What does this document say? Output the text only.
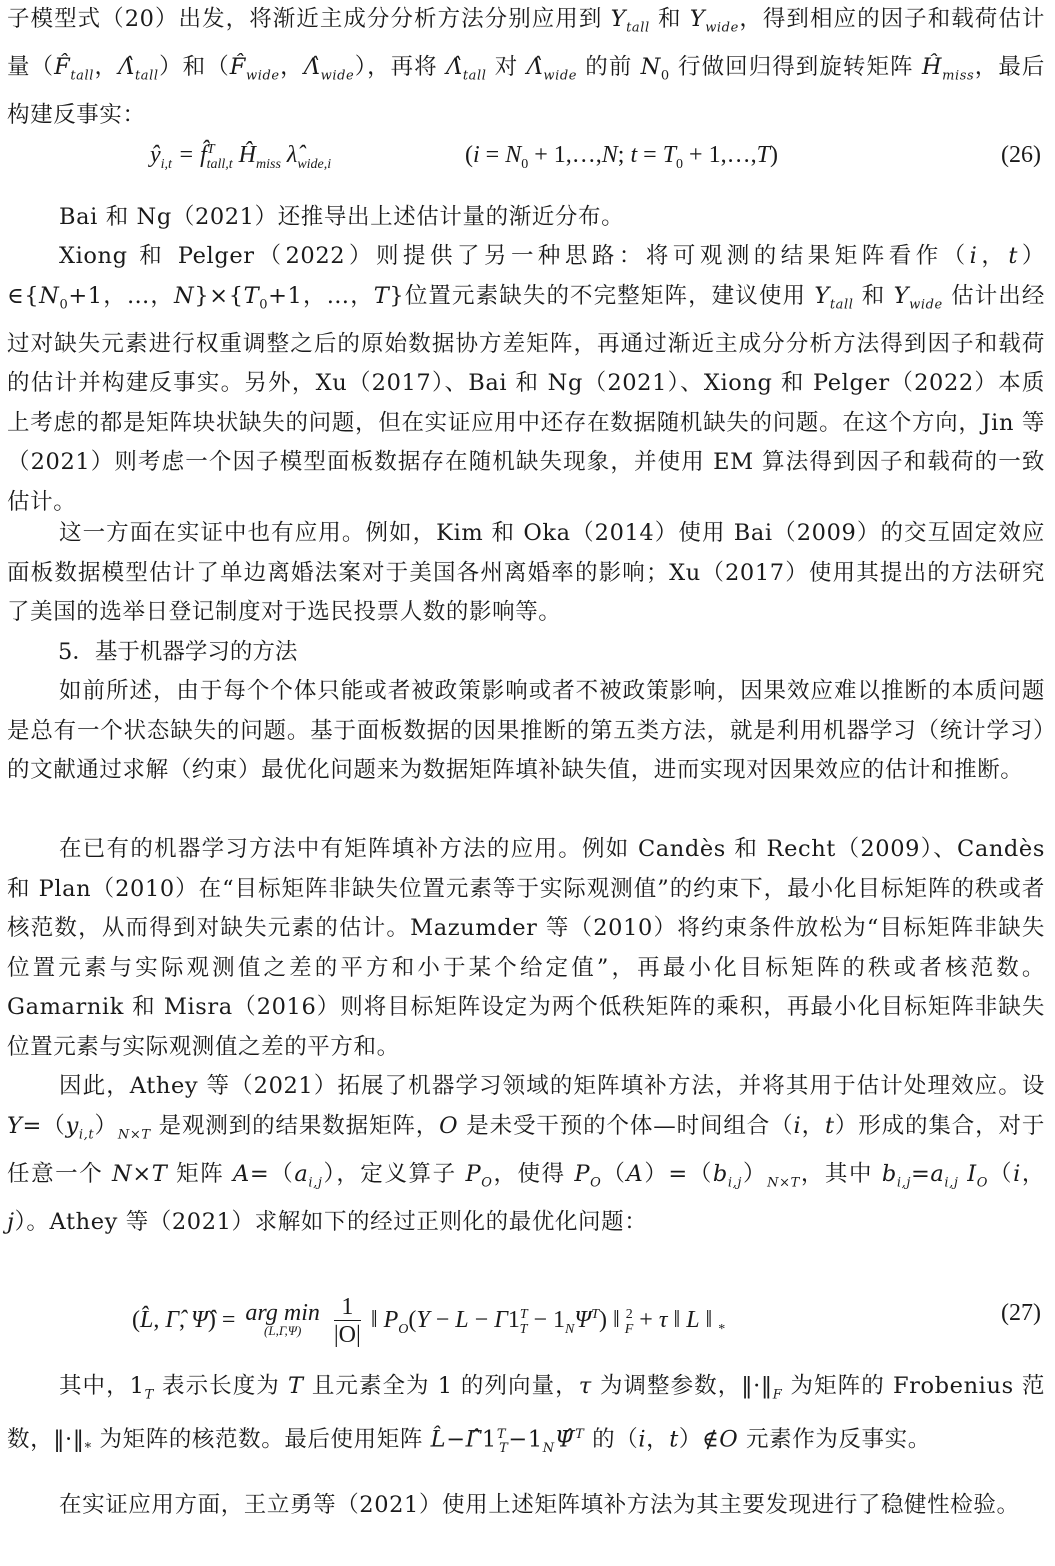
子模型式（20）出发，将渐近主成分分析方法分别应用到 $Y_{tall}$ 和 $Y_{wide}$，得到相应的因子和载荷估计量（$F̂_{tall}$，$\Lambdâ_{tall}$）和（$F̂_{wide}$，$\Lambdâ_{wide}$），再将 $\Lambdâ_{tall}$ 对 $\Lambdâ_{wide}$ 的前 $N_0$ 行做回归得到旋转矩阵 $Ĥ_{miss}$，最后构建反事实：

$ŷ_{i,t}$ = f̂$^T_{tall,t}$ $Ĥ_{miss}$ $\lambdâ_{wide,i}$	($i = N_0$ + 1,…,N; $t = T_0$ + 1,…,T)	(26)

Bai 和 Ng（2021）还推导出上述估计量的渐近分布。

Xiong 和 Pelger（2022）则提供了另一种思路：将可观测的结果矩阵看作（i，$t)\in\{N_0+1$，…，$N\}\times\{T_0+1$，…，T}位置元素缺失的不完整矩阵，建议使用 $Y_{tall}$ 和 $Y_{wide}$ 估计出经过对缺失元素进行权重调整之后的原始数据协方差矩阵，再通过渐近主成分分析方法得到因子和载荷的估计并构建反事实。另外，Xu（2017）、Bai 和 Ng（2021）、Xiong 和 Pelger（2022）本质上考虑的都是矩阵块状缺失的问题，但在实证应用中还存在数据随机缺失的问题。在这个方向，Jin 等（2021）则考虑一个因子模型面板数据存在随机缺失现象，并使用 EM 算法得到因子和载荷的一致估计。

这一方面在实证中也有应用。例如，Kim 和 Oka（2014）使用 Bai（2009）的交互固定效应面板数据模型估计了单边离婚法案对于美国各州离婚率的影响；Xu（2017）使用其提出的方法研究了美国的选举日登记制度对于选民投票人数的影响等。

5．基于机器学习的方法

如前所述，由于每个个体只能或者被政策影响或者不被政策影响，因果效应难以推断的本质问题是总有一个状态缺失的问题。基于面板数据的因果推断的第五类方法，就是利用机器学习（统计学习）的文献通过求解（约束）最优化问题来为数据矩阵填补缺失值，进而实现对因果效应的估计和推断。

在已有的机器学习方法中有矩阵填补方法的应用。例如 Candès 和 Recht（2009）、Candès 和 Plan（2010）在“目标矩阵非缺失位置元素等于实际观测值”的约束下，最小化目标矩阵的秩或者核范数，从而得到对缺失元素的估计。Mazumder 等（2010）将约束条件放松为“目标矩阵非缺失位置元素与实际观测值之差的平方和小于某个给定值”，再最小化目标矩阵的秩或者核范数。Gamarnik 和 Misra（2016）则将目标矩阵设定为两个低秩矩阵的乘积，再最小化目标矩阵非缺失位置元素与实际观测值之差的平方和。

因此，Athey 等（2021）拓展了机器学习领域的矩阵填补方法，并将其用于估计处理效应。设 $Y=(y_{i,t})_{N\times T}$ 是观测到的结果数据矩阵，O 是未受干预的个体—时间组合（i，t）形成的集合，对于任意一个 N×T 矩阵 $A=(a_{i,j})$，定义算子 $P_O$，使得 $P_O(A)=(b_{i,j})_{N\times T}$，其中 $b_{i,j}=a_{i,j}$ $I_O(i$，j）。Athey 等（2021）求解如下的经过正则化的最优化问题：

(L̂, Γ̂, Ψ̂) = arg min
(L,Γ,Ψ)
	$\frac{1}{|O|}$ ‖ $P_O(Y - L - \Gamma 1^T_T - 1_N\Psi^T)$ ‖ $^2_F$ + τ ‖ L ‖ $_*$
(27)

其中，$1_T$ 表示长度为 T 且元素全为 1 的列向量，τ 为调整参数，$‖\cdot‖_F$ 为矩阵的 Frobenius 范数，$‖\cdot‖_*$ 为矩阵的核范数。最后使用矩阵 $L̂-\Gammâ1^T_T-1_N\Psî^T$ 的（i，t）∉O 元素作为反事实。

在实证应用方面，王立勇等（2021）使用上述矩阵填补方法为其主要发现进行了稳健性检验。
